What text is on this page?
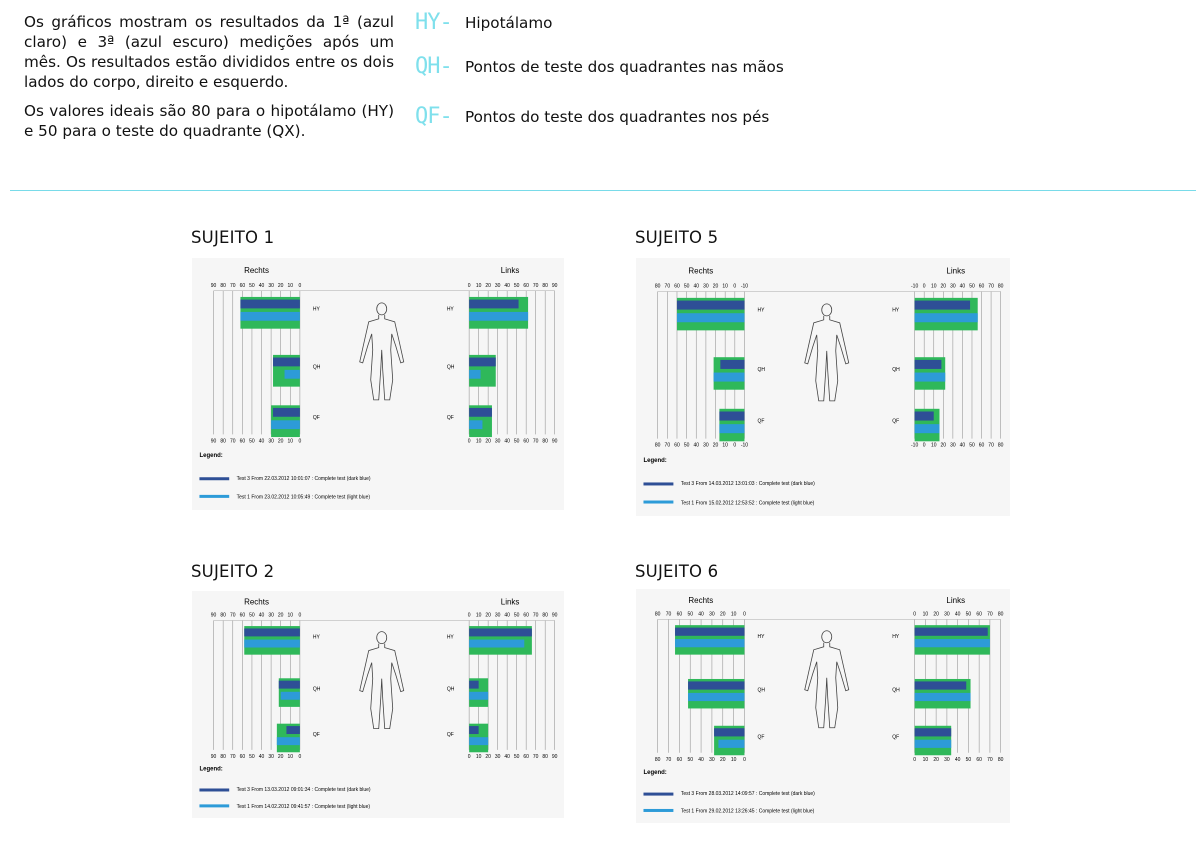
Os gráficos mostram os resultados da 1ª (azul claro) e 3ª (azul escuro) medições após um mês. Os resultados estão divididos entre os dois lados do corpo, direito e esquerdo.

Os valores ideais são 80 para o hipotálamo (HY) e 50 para o teste do quadrante (QX).

HY- Hipotálamo
QH- Pontos de teste dos quadrantes nas mãos
QF- Pontos do teste dos quadrantes nos pés
SUJEITO 1	SUJEITO 5
SUJEITO 2	SUJEITO 6
Rechts	Links
90
90
80
80
70
70
60
60
50
50
40
40
30
30
20
20
10
10
0
0
0
0
10
10
20
20
30
30
40
40
50
50
60
60
70
70
80
80
90
90
HY	HY
QH	QH
QF	QF
Legend:
Test 3 From 22.03.2012 10:01:07 : Complete test (dark blue)
Test 1 From 23.02.2012 10:05:49 : Complete test (light blue)
Rechts	Links
80
80
70
70
60
60
50
50
40
40
30
30
20
20
10
10
0
0
-10
-10
-10
-10
0
0
10
10
20
20
30
30
40
40
50
50
60
60
70
70
80
80
HY	HY
QH	QH
QF	QF
Legend:
Test 3 From 14.03.2012 13:01:03 : Complete test (dark blue)
Test 1 From 15.02.2012 12:53:52 : Complete test (light blue)
Rechts	Links
90
90
80
80
70
70
60
60
50
50
40
40
30
30
20
20
10
10
0
0
0
0
10
10
20
20
30
30
40
40
50
50
60
60
70
70
80
80
90
90
HY	HY
QH	QH
QF	QF
Legend:
Test 3 From 13.03.2012 09:01:34 : Complete test (dark blue)
Test 1 From 14.02.2012 09:41:57 : Complete test (light blue)
Rechts	Links
80
80
70
70
60
60
50
50
40
40
30
30
20
20
10
10
0
0
0
0
10
10
20
20
30
30
40
40
50
50
60
60
70
70
80
80
HY	HY
QH	QH
QF	QF
Legend:
Test 3 From 28.03.2012 14:09:57 : Complete test (dark blue)
Test 1 From 29.02.2012 13:26:45 : Complete test (light blue)
